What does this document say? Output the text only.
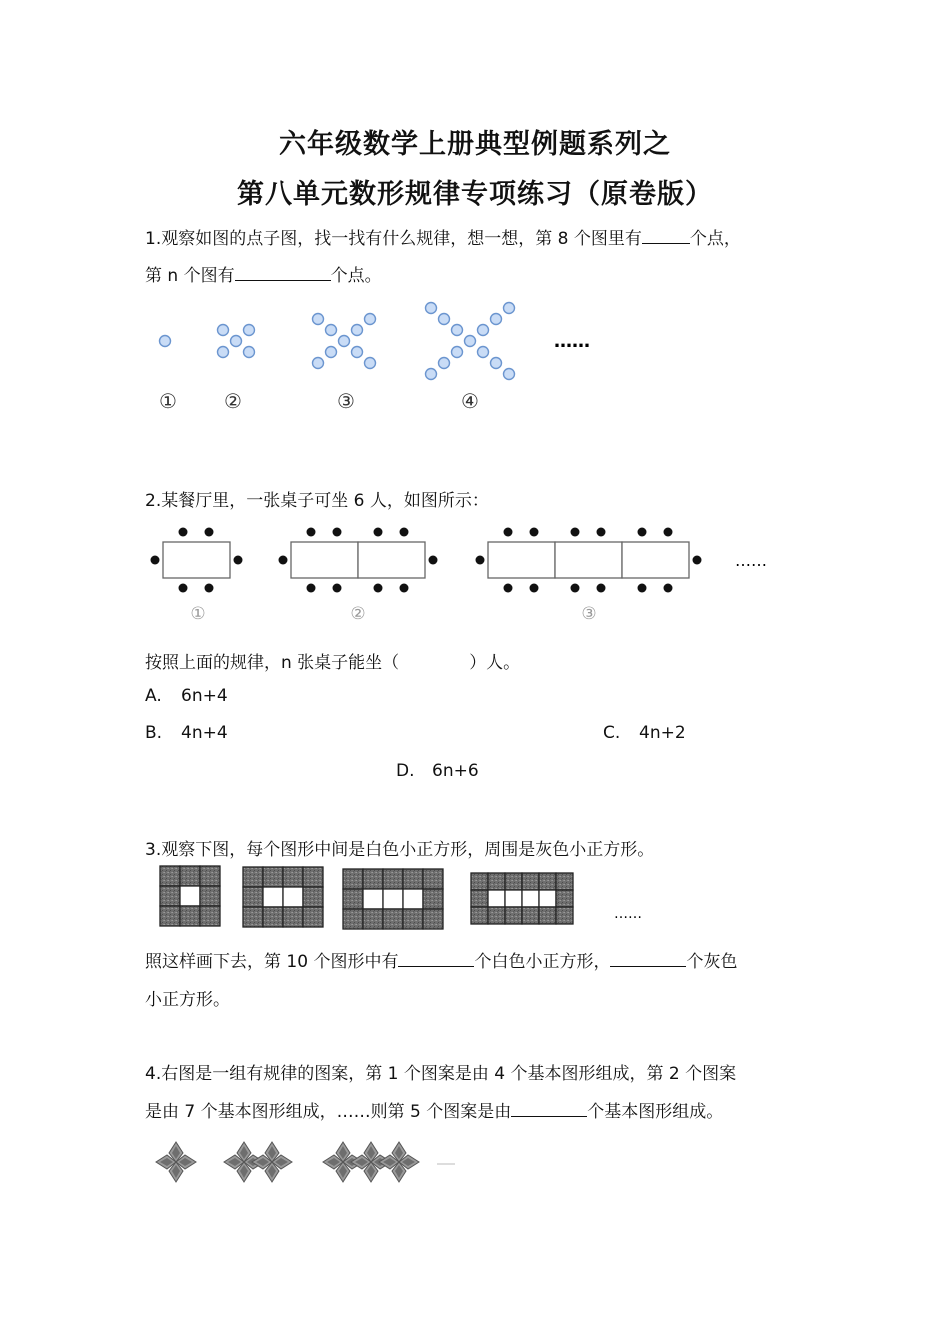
六年级数学上册典型例题系列之
第八单元数形规律专项练习（原卷版）
1.观察如图的点子图，找一找有什么规律，想一想，第 8 个图里有	个点，
第 n 个图有	个点。
① ②	③	④
……
2.某餐厅里，一张桌子可坐 6 人，如图所示：
①	②	③
……
按照上面的规律，n 张桌子能坐（	）人。
A. 6n+4
B. 4n+4	C. 4n+2
D. 6n+6
3.观察下图，每个图形中间是白色小正方形，周围是灰色小正方形。
……
照这样画下去，第 10 个图形中有	个白色小正方形，	个灰色
小正方形。
4.右图是一组有规律的图案，第 1 个图案是由 4 个基本图形组成，第 2 个图案
是由 7 个基本图形组成，……则第 5 个图案是由	个基本图形组成。
